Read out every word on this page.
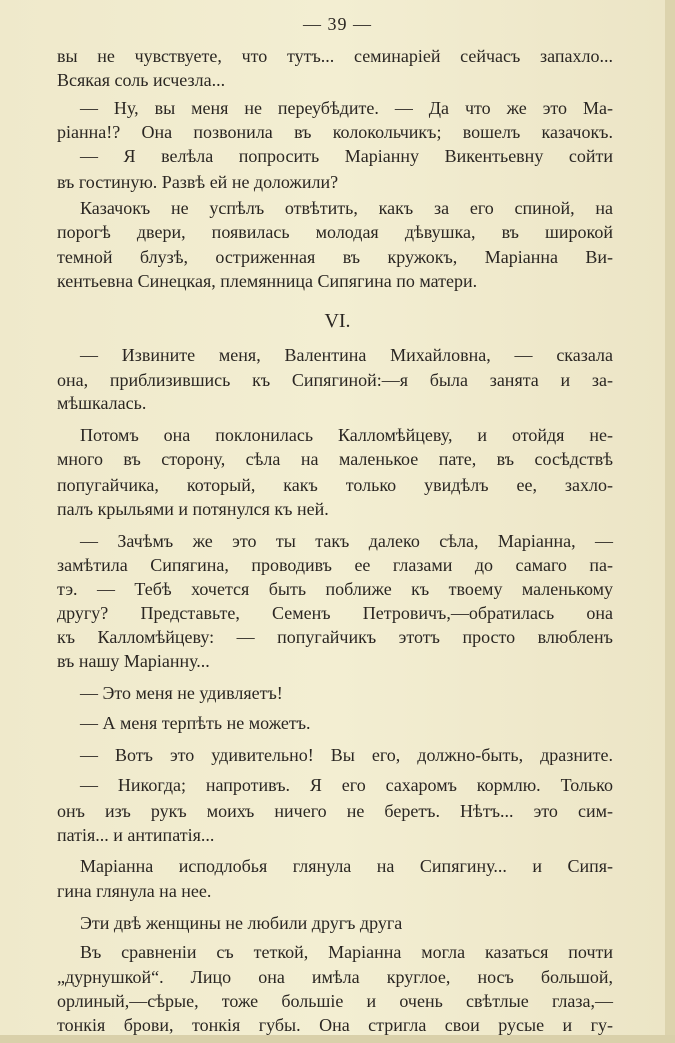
— 39 —
VI.
вы не чувствуете, что тутъ... семинаріей сейчасъ запахло...
Всякая соль исчезла...
— Ну, вы меня не переубѣдите. — Да что же это Ма-
ріанна!? Она позвонила въ колокольчикъ; вошелъ казачокъ.
— Я велѣла попросить Маріанну Викентьевну сойти
въ гостиную. Развѣ ей не доложили?
Казачокъ не успѣлъ отвѣтить, какъ за его спиной, на
порогѣ двери, появилась молодая дѣвушка, въ широкой
темной блузѣ, остриженная въ кружокъ, Маріанна Ви-
кентьевна Синецкая, племянница Сипягина по матери.
— Извините меня, Валентина Михайловна, — сказала
она, приблизившись къ Сипягиной:—я была занята и за-
мѣшкалась.
Потомъ она поклонилась Калломѣйцеву, и отойдя не-
много въ сторону, сѣла на маленькое пате, въ сосѣдствѣ
попугайчика, который, какъ только увидѣлъ ее, захло-
палъ крыльями и потянулся къ ней.
— Зачѣмъ же это ты такъ далеко сѣла, Маріанна, —
замѣтила Сипягина, проводивъ ее глазами до самаго па-
тэ. — Тебѣ хочется быть поближе къ твоему маленькому
другу? Представьте, Семенъ Петровичъ,—обратилась она
къ Калломѣйцеву: — попугайчикъ этотъ просто влюбленъ
въ нашу Маріанну...
— Это меня не удивляетъ!
— А меня терпѣть не можетъ.
— Вотъ это удивительно! Вы его, должно-быть, дразните.
— Никогда; напротивъ. Я его сахаромъ кормлю. Только
онъ изъ рукъ моихъ ничего не беретъ. Нѣтъ... это сим-
патія... и антипатія...
Маріанна исподлобья глянула на Сипягину... и Сипя-
гина глянула на нее.
Эти двѣ женщины не любили другъ друга
Въ сравненіи съ теткой, Маріанна могла казаться почти
„дурнушкой“. Лицо она имѣла круглое, носъ большой,
орлиный,—сѣрые, тоже большіе и очень свѣтлые глаза,—
тонкія брови, тонкія губы. Она стригла свои русые и гу-
